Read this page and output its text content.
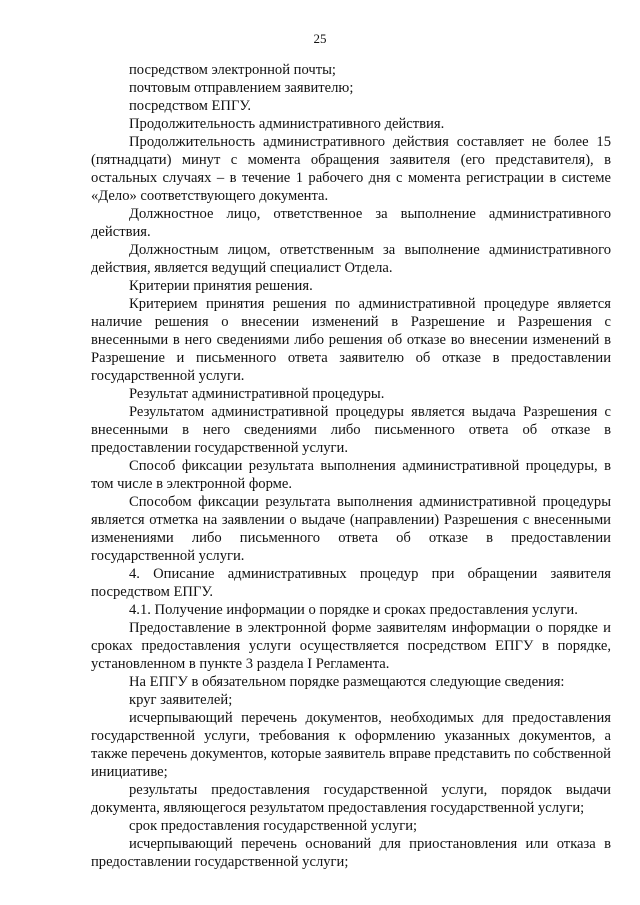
25

посредством электронной почты;

почтовым отправлением заявителю;

посредством ЕПГУ.

Продолжительность административного действия.

Продолжительность административного действия составляет не более 15 (пятнадцати) минут с момента обращения заявителя (его представителя), в остальных случаях – в течение 1 рабочего дня с момента регистрации в системе «Дело» соответствующего документа.

Должностное лицо, ответственное за выполнение административного действия.

Должностным лицом, ответственным за выполнение административного действия, является ведущий специалист Отдела.

Критерии принятия решения.

Критерием принятия решения по административной процедуре является наличие решения о внесении изменений в Разрешение и Разрешения с внесенными в него сведениями либо решения об отказе во внесении изменений в Разрешение и письменного ответа заявителю об отказе в предоставлении государственной услуги.

Результат административной процедуры.

Результатом административной процедуры является выдача Разрешения с внесенными в него сведениями либо письменного ответа об отказе в предоставлении государственной услуги.

Способ фиксации результата выполнения административной процедуры, в том числе в электронной форме.

Способом фиксации результата выполнения административной процедуры является отметка на заявлении о выдаче (направлении) Разрешения с внесенными изменениями либо письменного ответа об отказе в предоставлении государственной услуги.

4. Описание административных процедур при обращении заявителя посредством ЕПГУ.

4.1. Получение информации о порядке и сроках предоставления услуги.

Предоставление в электронной форме заявителям информации о порядке и сроках предоставления услуги осуществляется посредством ЕПГУ в порядке, установленном в пункте 3 раздела I Регламента.

На ЕПГУ в обязательном порядке размещаются следующие сведения:

круг заявителей;

исчерпывающий перечень документов, необходимых для предоставления государственной услуги, требования к оформлению указанных документов, а также перечень документов, которые заявитель вправе представить по собственной инициативе;

результаты предоставления государственной услуги, порядок выдачи документа, являющегося результатом предоставления государственной услуги;

срок предоставления государственной услуги;

исчерпывающий перечень оснований для приостановления или отказа в предоставлении государственной услуги;
